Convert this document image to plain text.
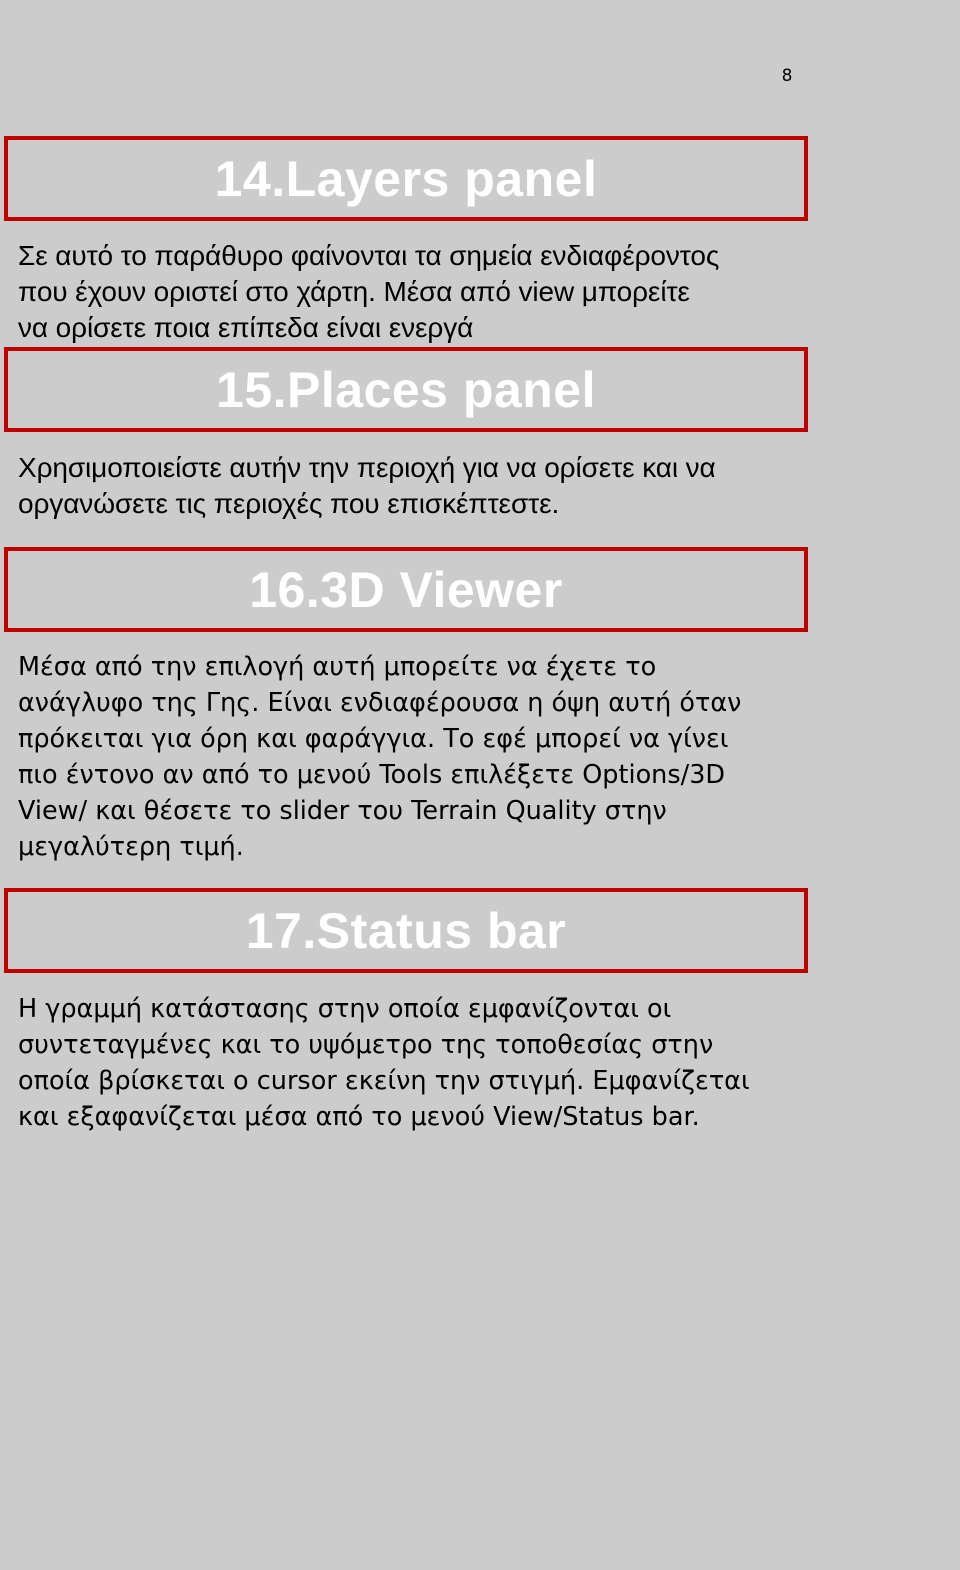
8
14.Layers panel
Σε αυτό το παράθυρο φαίνονται τα σημεία ενδιαφέροντος
που έχουν οριστεί στο χάρτη. Μέσα από view μπορείτε
να ορίσετε ποια επίπεδα είναι ενεργά
15.Places panel
Χρησιμοποιείστε αυτήν την περιοχή για να ορίσετε και να
οργανώσετε τις περιοχές που επισκέπτεστε.
16.3D Viewer
Μέσα από την επιλογή αυτή μπορείτε να έχετε το
ανάγλυφο της Γης. Είναι ενδιαφέρουσα η όψη αυτή όταν
πρόκειται για όρη και φαράγγια. Το εφέ μπορεί να γίνει
πιο έντονο αν από το μενού Tools επιλέξετε Options/3D
View/ και θέσετε το slider του Terrain Quality στην
μεγαλύτερη τιμή.
17.Status bar
Η γραμμή κατάστασης στην οποία εμφανίζονται οι
συντεταγμένες και το υψόμετρο της τοποθεσίας στην
οποία βρίσκεται ο cursor εκείνη την στιγμή. Εμφανίζεται
και εξαφανίζεται μέσα από το μενού View/Status bar.
